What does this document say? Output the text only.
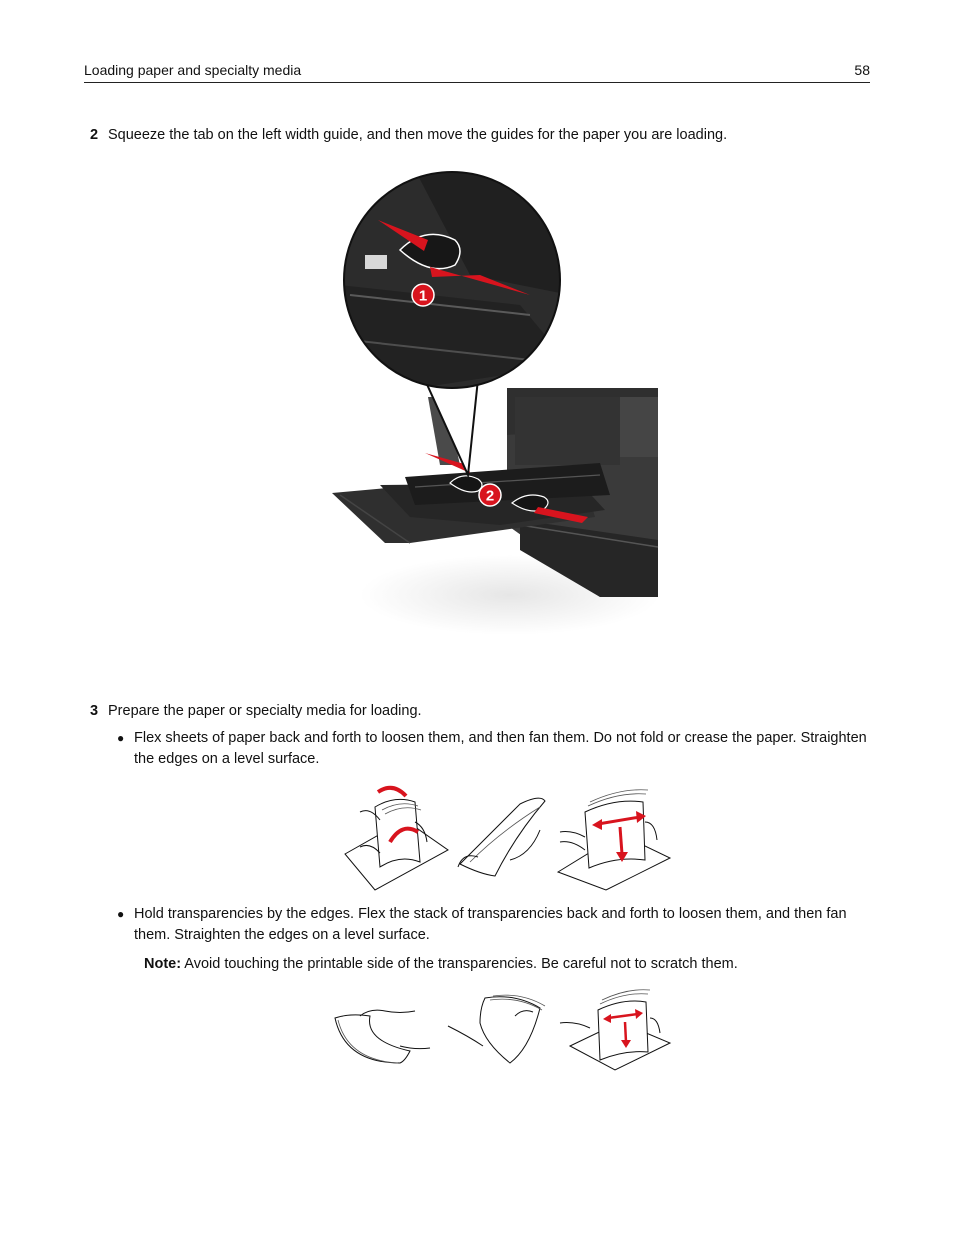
Loading paper and specialty media	58
2 Squeeze the tab on the left width guide, and then move the guides for the paper you are loading.
2
1
3 Prepare the paper or specialty media for loading.
● Flex sheets of paper back and forth to loosen them, and then fan them. Do not fold or crease the paper. Straighten the edges on a level surface.
● Hold transparencies by the edges. Flex the stack of transparencies back and forth to loosen them, and then fan them. Straighten the edges on a level surface.
Note: Avoid touching the printable side of the transparencies. Be careful not to scratch them.
